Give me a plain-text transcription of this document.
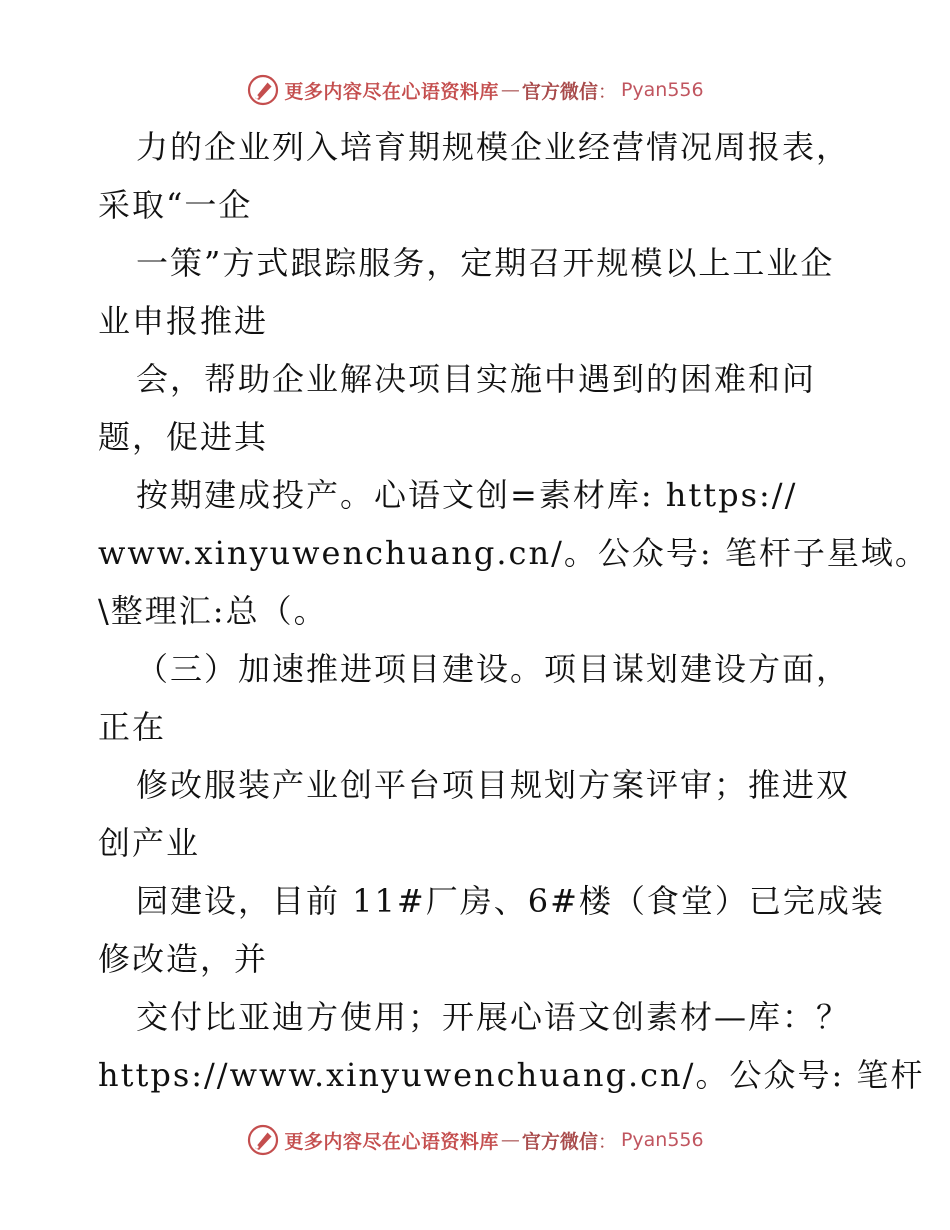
更多内容尽在心语资料库 — 官方微信 ： Pyan556
力的企业列入培育期规模企业经营情况周报表，
采取“一企
一策”方式跟踪服务，定期召开规模以上工业企
业申报推进
会，帮助企业解决项目实施中遇到的困难和问
题，促进其
按期建成投产。心语文创=素材库: https://
www.xinyuwenchuang.cn/。公众号: 笔杆子星域。
\整理汇:总（。
（三）加速推进项目建设。项目谋划建设方面，
正在
修改服装产业创平台项目规划方案评审；推进双
创产业
园建设，目前 11#厂房、6#楼（食堂）已完成装
修改造，并
交付比亚迪方使用；开展心语文创素材—库：？
https://www.xinyuwenchuang.cn/。公众号: 笔杆
更多内容尽在心语资料库 — 官方微信 ： Pyan556
